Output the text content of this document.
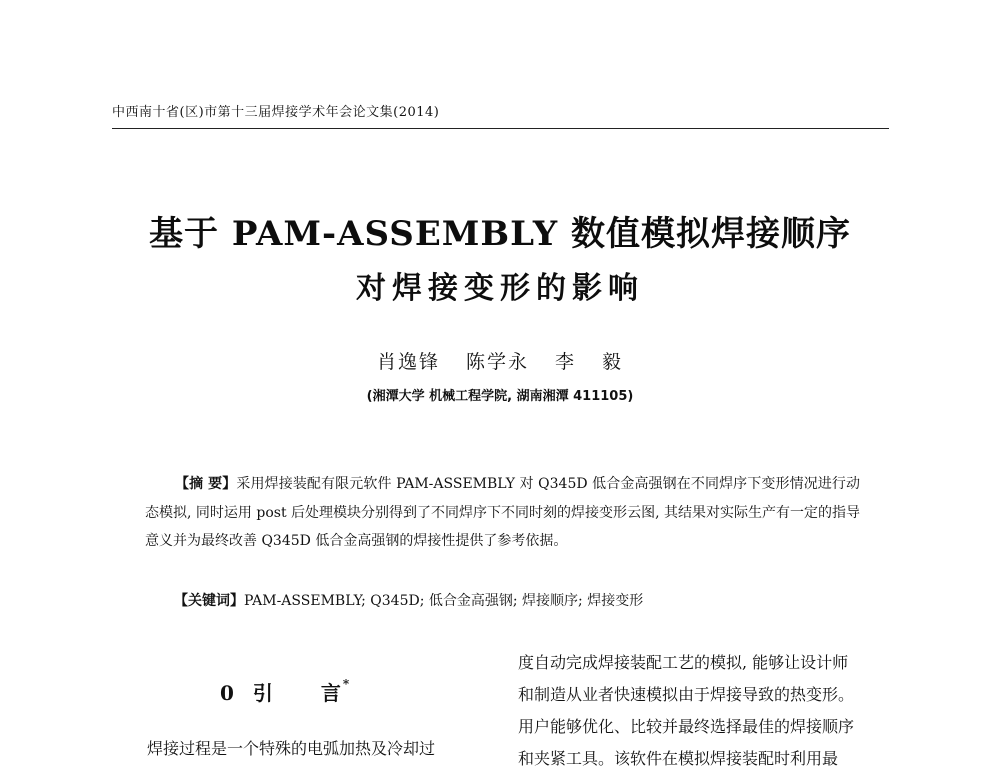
中西南十省(区)市第十三届焊接学术年会论文集(2014)
基于 PAM-ASSEMBLY 数值模拟焊接顺序
对焊接变形的影响
肖逸锋 陈学永 李 毅
(湘潭大学 机械工程学院, 湖南湘潭 411105)
【摘 要】采用焊接装配有限元软件 PAM-ASSEMBLY 对 Q345D 低合金高强钢在不同焊序下变形情况进行动态模拟, 同时运用 post 后处理模块分别得到了不同焊序下不同时刻的焊接变形云图, 其结果对实际生产有一定的指导意义并为最终改善 Q345D 低合金高强钢的焊接性提供了参考依据。
【关键词】PAM-ASSEMBLY; Q345D; 低合金高强钢; 焊接顺序; 焊接变形
0 引言 *
焊接过程是一个特殊的电弧加热及冷却过
度自动完成焊接装配工艺的模拟, 能够让设计师
和制造从业者快速模拟由于焊接导致的热变形。
用户能够优化、比较并最终选择最佳的焊接顺序
和夹紧工具。该软件在模拟焊接装配时利用最
